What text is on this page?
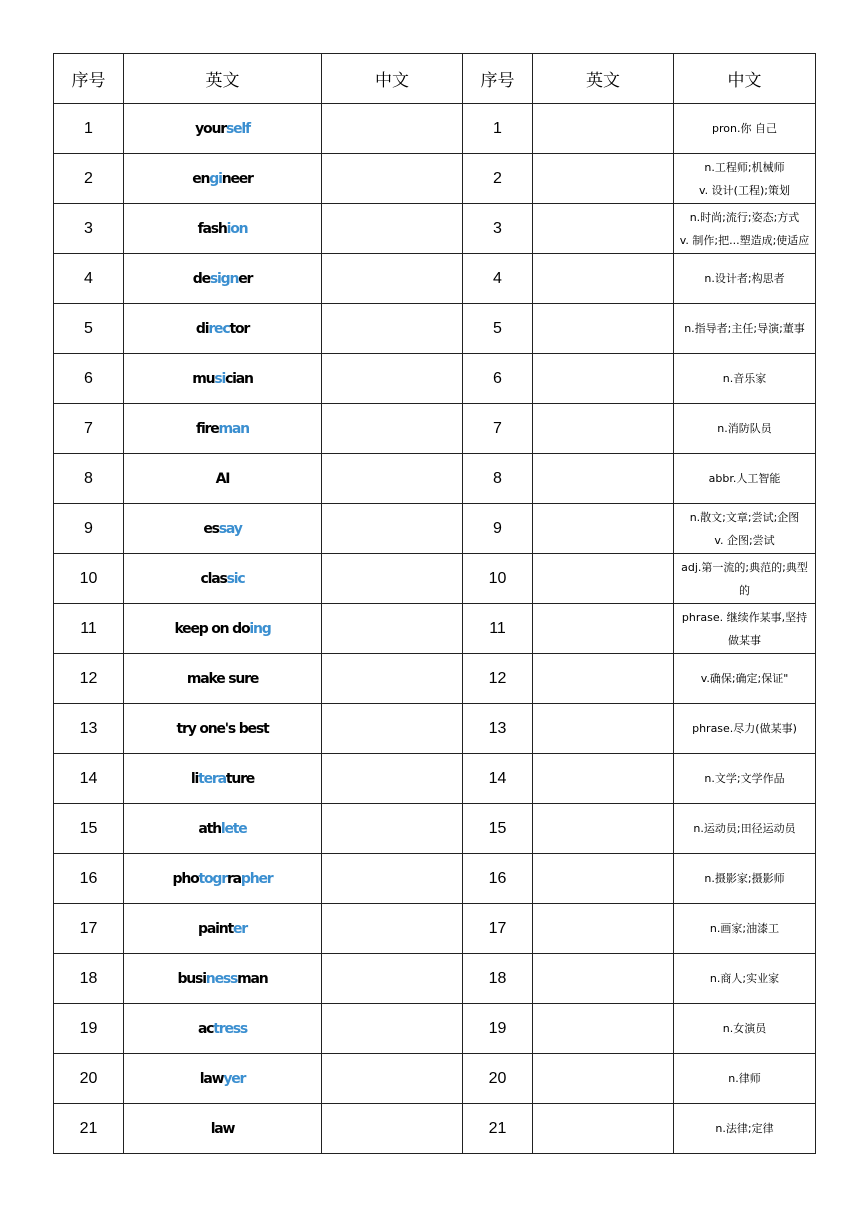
序号	英文	中文	序号	英文	中文
1	yourself		1		pron.你 自己

2	engineer		2		n.工程师;机械师
v. 设计(工程);策划

3	fashion		3		n.时尚;流行;姿态;方式
v. 制作;把...塑造成;使适应

4	designer		4		n.设计者;构思者

5	director		5		n.指导者;主任;导演;董事

6	musician		6		n.音乐家

7	fireman		7		n.消防队员

8	AI		8		abbr.人工智能

9	essay		9		n.散文;文章;尝试;企图
v. 企图;尝试

10	classic		10		adj.第一流的;典范的;典型
的

11	keep on doing		11		phrase. 继续作某事,坚持
做某事

12	make sure		12		v.确保;确定;保证"

13	try one's best		13		phrase.尽力(做某事)

14	literature		14		n.文学;文学作品

15	athlete		15		n.运动员;田径运动员

16	photogrrapher		16		n.摄影家;摄影师

17	painter		17		n.画家;油漆工

18	businessman		18		n.商人;实业家

19	actress		19		n.女演员

20	lawyer		20		n.律师

21	law		21		n.法律;定律
